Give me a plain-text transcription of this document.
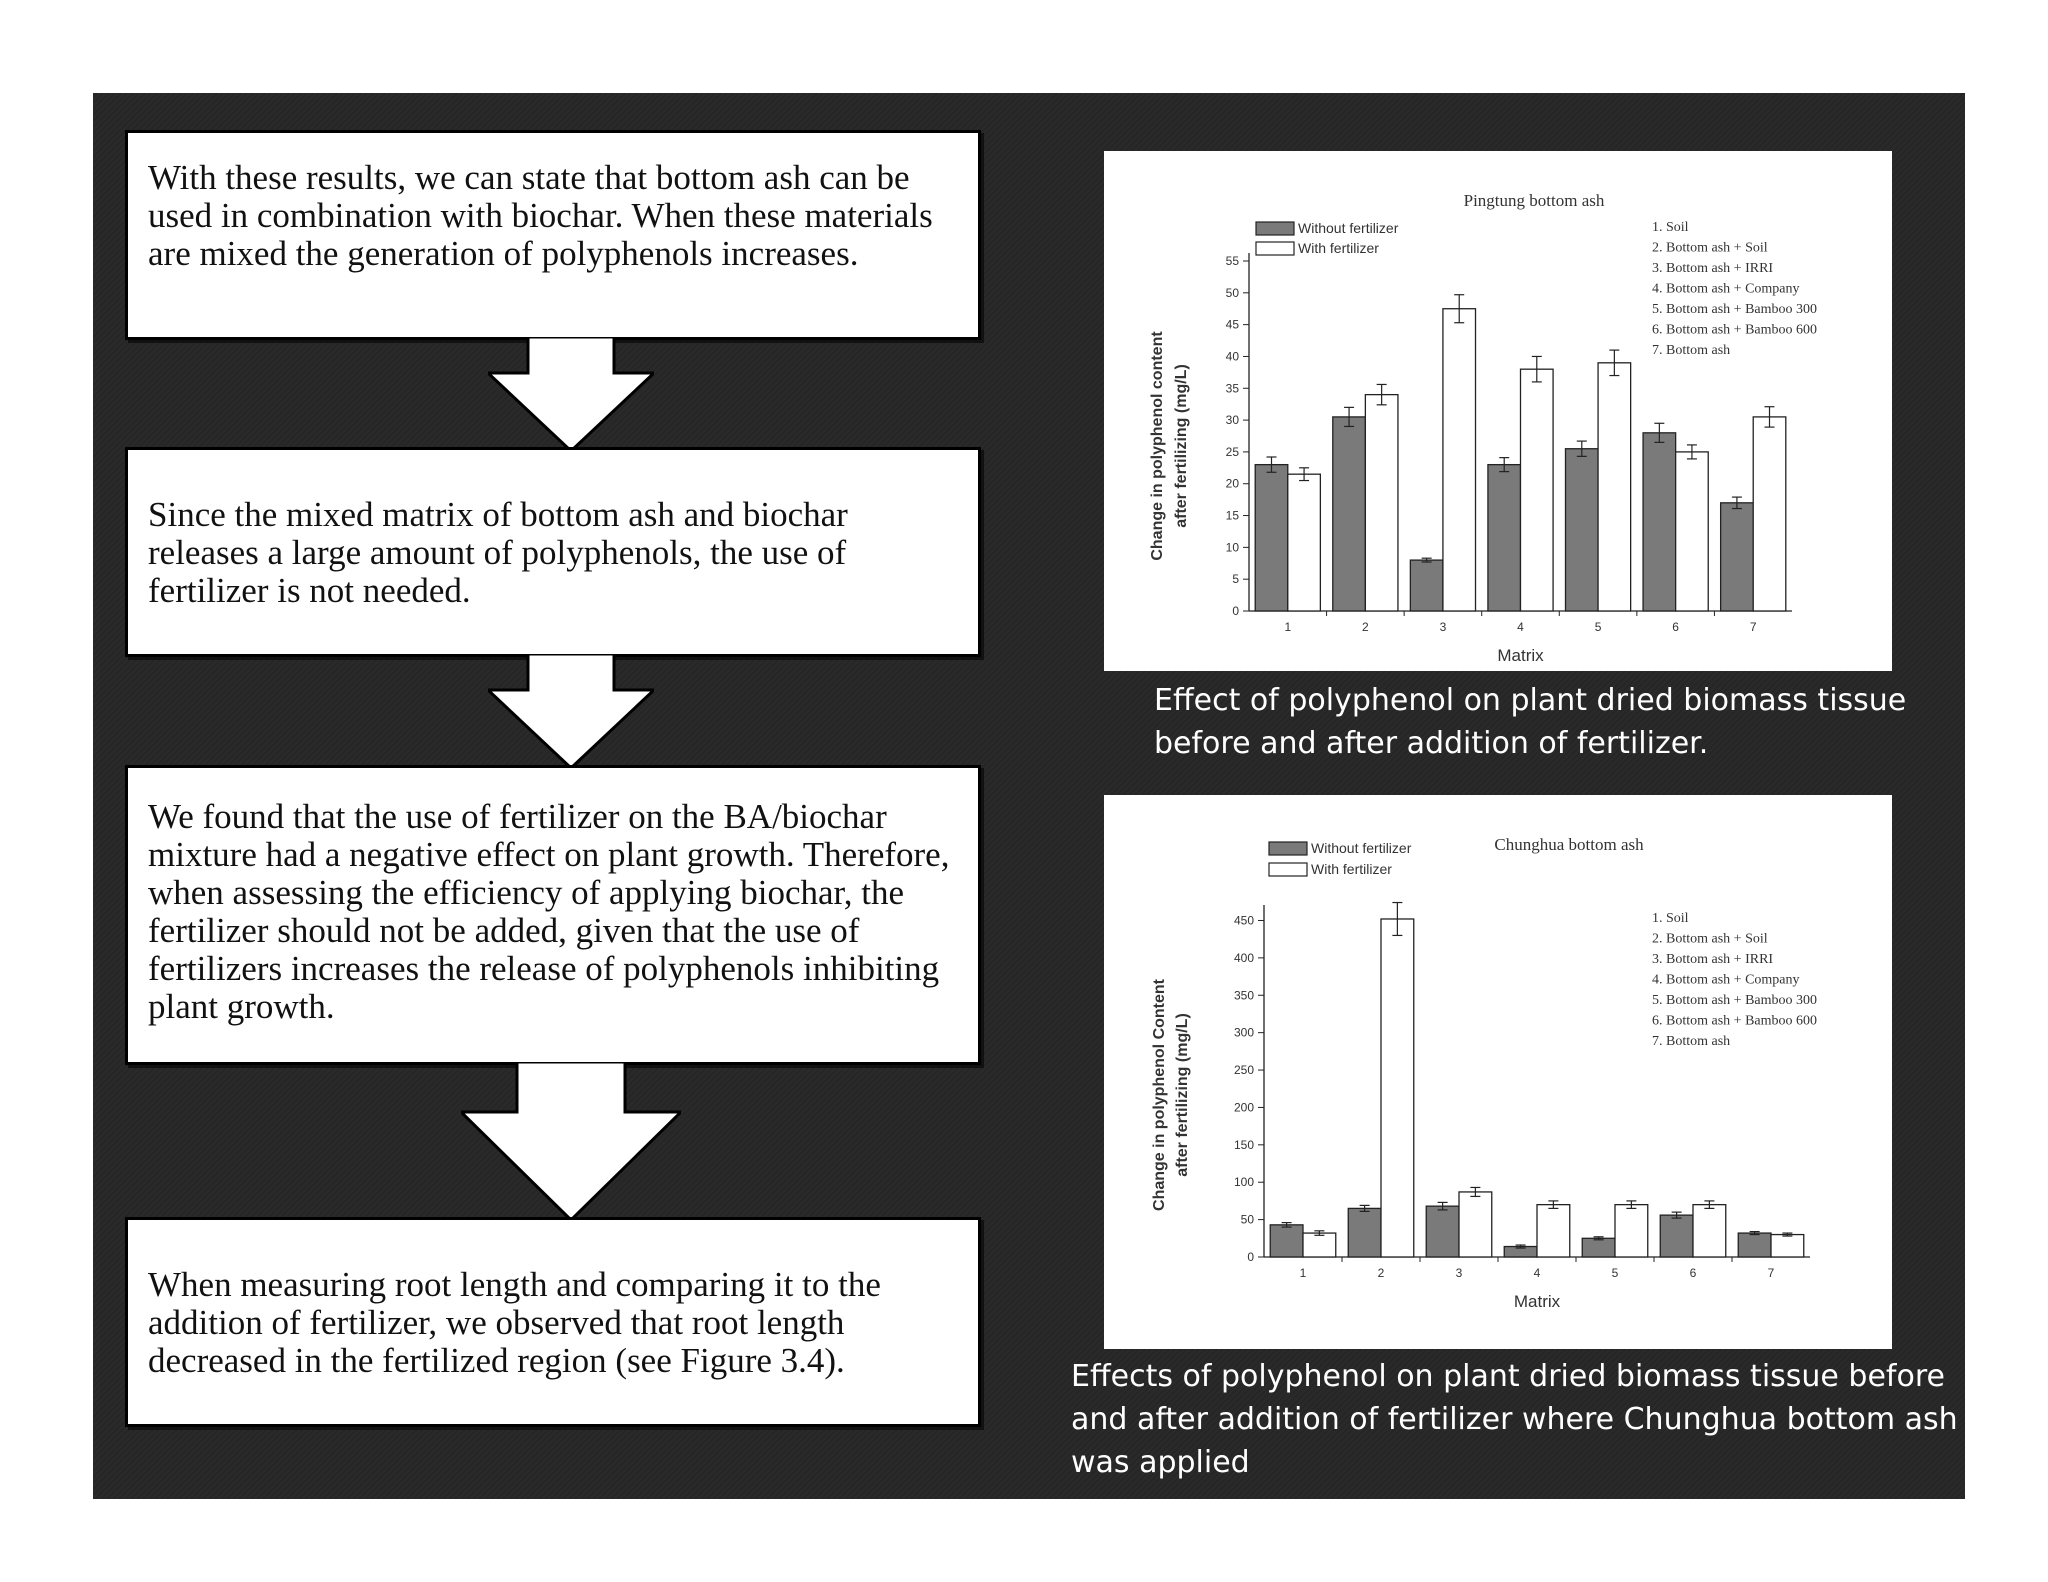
With these results, we can state that bottom ash can be used in combination with biochar. When these materials are mixed the generation of polyphenols increases.

Since the mixed matrix of bottom ash and biochar releases a large amount of polyphenols, the use of fertilizer is not needed.

We found that the use of fertilizer on the BA/biochar mixture had a negative effect on plant growth. Therefore, when assessing the efficiency of applying biochar, the fertilizer should not be added, given that the use of fertilizers increases the release of polyphenols inhibiting plant growth.

When measuring root length and comparing it to the addition of fertilizer, we observed that root length decreased in the fertilized region (see Figure 3.4).

0
5
10
15
20
25
30
35
40
45
50
55
1	2	3	4	5	6	7
Pingtung bottom ash
Matrix
Change in polyphenol content after fertilizing (mg/L)
Without fertilizer
With fertilizer
1. Soil
2. Bottom ash + Soil
3. Bottom ash + IRRI
4. Bottom ash + Company
5. Bottom ash + Bamboo 300
6. Bottom ash + Bamboo 600
7. Bottom ash

Effect of polyphenol on plant dried biomass tissue before and after addition of fertilizer.

0
50
100
150
200
250
300
350
400
450
1	2	3	4	5	6	7
Chunghua bottom ash
Matrix
Change in polyphenol Content after fertilizing (mg/L)
Without fertilizer
With fertilizer
1. Soil
2. Bottom ash + Soil
3. Bottom ash + IRRI
4. Bottom ash + Company
5. Bottom ash + Bamboo 300
6. Bottom ash + Bamboo 600
7. Bottom ash

Effects of polyphenol on plant dried biomass tissue before and after addition of fertilizer where Chunghua bottom ash was applied
